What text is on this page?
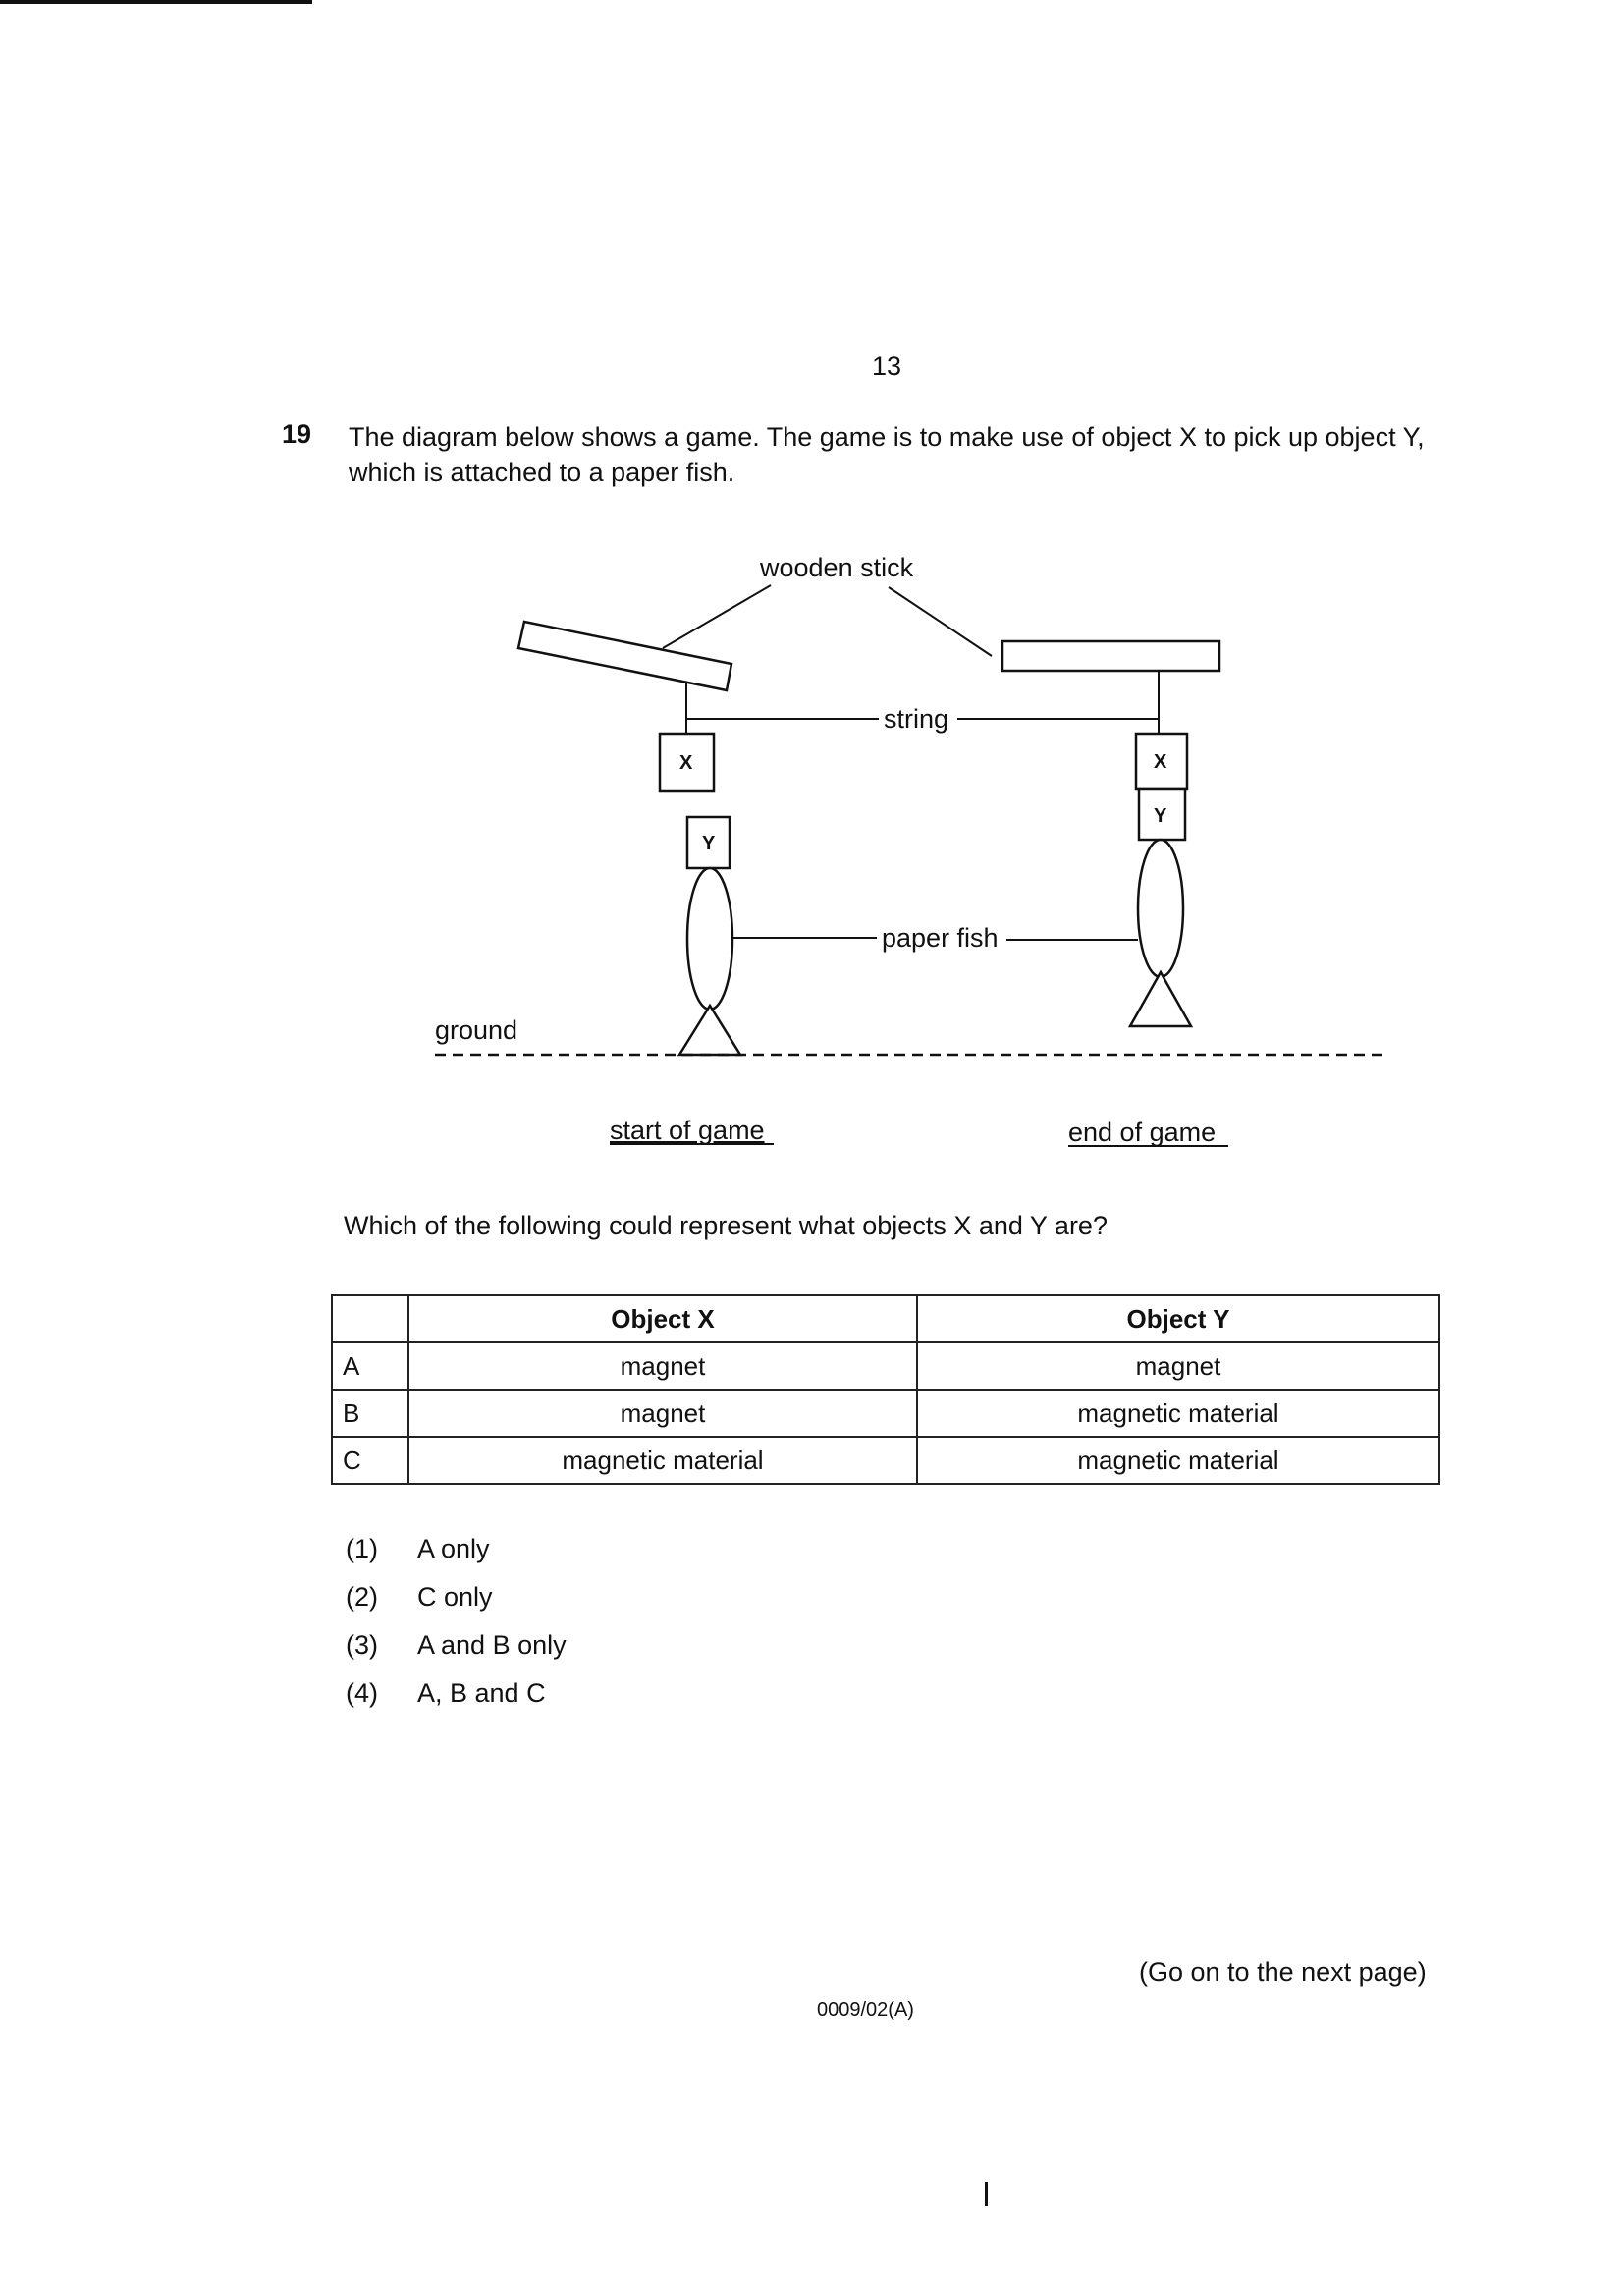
13
19 The diagram below shows a game. The game is to make use of object X to pick up object Y, which is attached to a paper fish.
wooden stick
X
Y
X
Y
string
paper fish
ground
start of game	end of game
Which of the following could represent what objects X and Y are?
	Object X	Object Y
A	magnet	magnet
B	magnet	magnetic material
C	magnetic material	magnetic material
(1)	A only
(2)	C only
(3)	A and B only
(4)	A, B and C
(Go on to the next page)
0009/02(A)
